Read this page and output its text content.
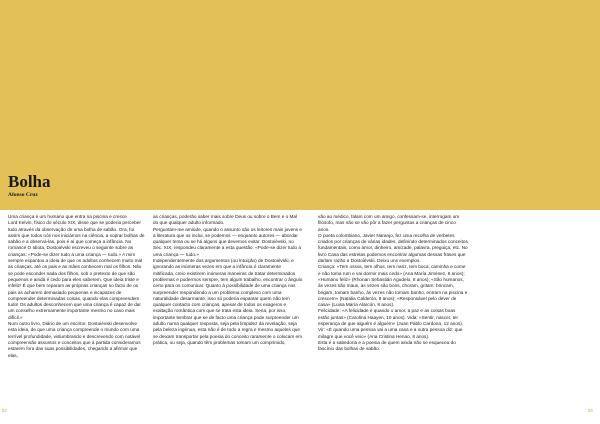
Bolha
Afonso Cruz
Uma criança é um humano que entra na piscina e cresce
Lord Kelvin, físico do século XIX, disse que se poderia perceber tudo através da observação de uma bolha de sabão. Ora, foi assim que todos nós nos iniciámos na ciência, a soprar bolhas de sabão e a observá-las, pois é aí que começa a infância. No romance O Idiota, Dostoiévski escreveu o seguinte sobre as crianças: «Pode-se dizer tudo a uma criança — tudo.» A mim sempre espantou a ideia de que os adultos conhecem muito mal as crianças, até os pais e as mães conhecem mal os filhos. Não se pode esconder nada dos filhos, sob o pretexto de que são pequenos e ainda é cedo para eles saberem. Que ideia triste e infeliz! É que bem reparam as próprias crianças no facto de os pais as acharem demasiado pequenas e incapazes de compreender determinadas coisas, quando elas compreendem tudo! Os adultos desconhecem que uma criança é capaz de dar um conselho extremamente importante mesmo no caso mais difícil.»
Num outro livro, Diário de um escritor, Dostoiévski desenvolve esta ideia, de que uma criança compreende o mundo com uma terrível profundidade, vislumbrando e descrevendo com notável compreensão assuntos e conceitos que à partida consideramos estarem fora das suas possibilidades, chegando a afirmar que elas,
as crianças, poderão saber mais sobre Deus ou sobre o Bem e o Mal do que qualquer adulto informado.
Perguntam-me amiúde, quando o assunto são os leitores mais jovens e a literatura que os inclui, se podemos — enquanto autores — abordar qualquer tema ou se há alguns que devemos evitar. Dostoiévski, no Séc. XIX, respondeu claramente a esta questão: «Pode-se dizer tudo a uma criança — tudo.»
Independentemente dos argumentos (ou intuição) de Dostoiévski, e ignorando as inúmeras vezes em que a infância é claramente mitificada, creio existirem inúmeras maneiras de tratar determinados problemas e podermos sempre, tem algum trabalho, encontrar o ângulo certo para os comunicar. Quanto à possibilidade de uma criança nos surpreender respondendo a um problema complexo com uma naturalidade desarmante, isso só poderia espantar quem não tem qualquer contacto com crianças, apesar de todos os exageros e exaltação romântica com que se trata esta ideia. Seria, por isso, importante lembrar que se de facto uma criança pode surpreender um adulto numa qualquer resposta, seja pela limpidez da revelação, seja pela beleza ingénua, esta não é de todo a regra e mesmo aqueles que se deixam transportar pela poesia do conceito raramente o colocam em prática, ou seja, quando têm problemas tomam um comprimido,
vão ao médico, falam com um amigo, confessam-se, interrogam um filósofo, mas não se vão pôr a fazer perguntas a crianças de cinco anos.
O poeta colombiano, Javier Naranjo, fez uma recolha de verbetes criados por crianças de várias idades, definindo determinados conceitos fundamentais, como amor, dinheiro, amizade, palavra, preguiça, etc. No livro Casa das estrelas podemos encontrar algumas dessas frases que darlam razão a Dostoiévski. Deixo uns exemplos.
Criança: «Tem ossos, tem olhos, tem nariz, tem boca, caminha e come e não toma rum e vai dormir mais cedo» (Ana María Jiménez, 6 anos); «Humano feliz» (Rhonan Sebastián Agudelo, 8 anos); «São humanos, às vezes são maus, às vezes são bons, choram, gritam: brincam, brigam, tomam banho, às vezes não tomam banho, entram na piscina e crescem» (Natalia Calderón, 8 anos); «Responsável pelo dever de casa» (Luisa María Alarcón, 8 anos).
Felicidade: «A felicidade é quando o amor, a paz e as coisas boas estão juntas» (Carolina Haayen, 10 anos). Vida: «Sentir, nascer, ter esperança de que alguém é alguém» (Juan Pablo Cardona, 12 anos).
Vir: «É quando uma pessoa vai a uma casa e a outra pessoa diz: que milagre que você veio» (Ana Cristina Henao, 8 anos).
Esta é a sabedoria e a poesia de quem ainda não se esqueceu do fascínio das bolhas de sabão.
52	53
